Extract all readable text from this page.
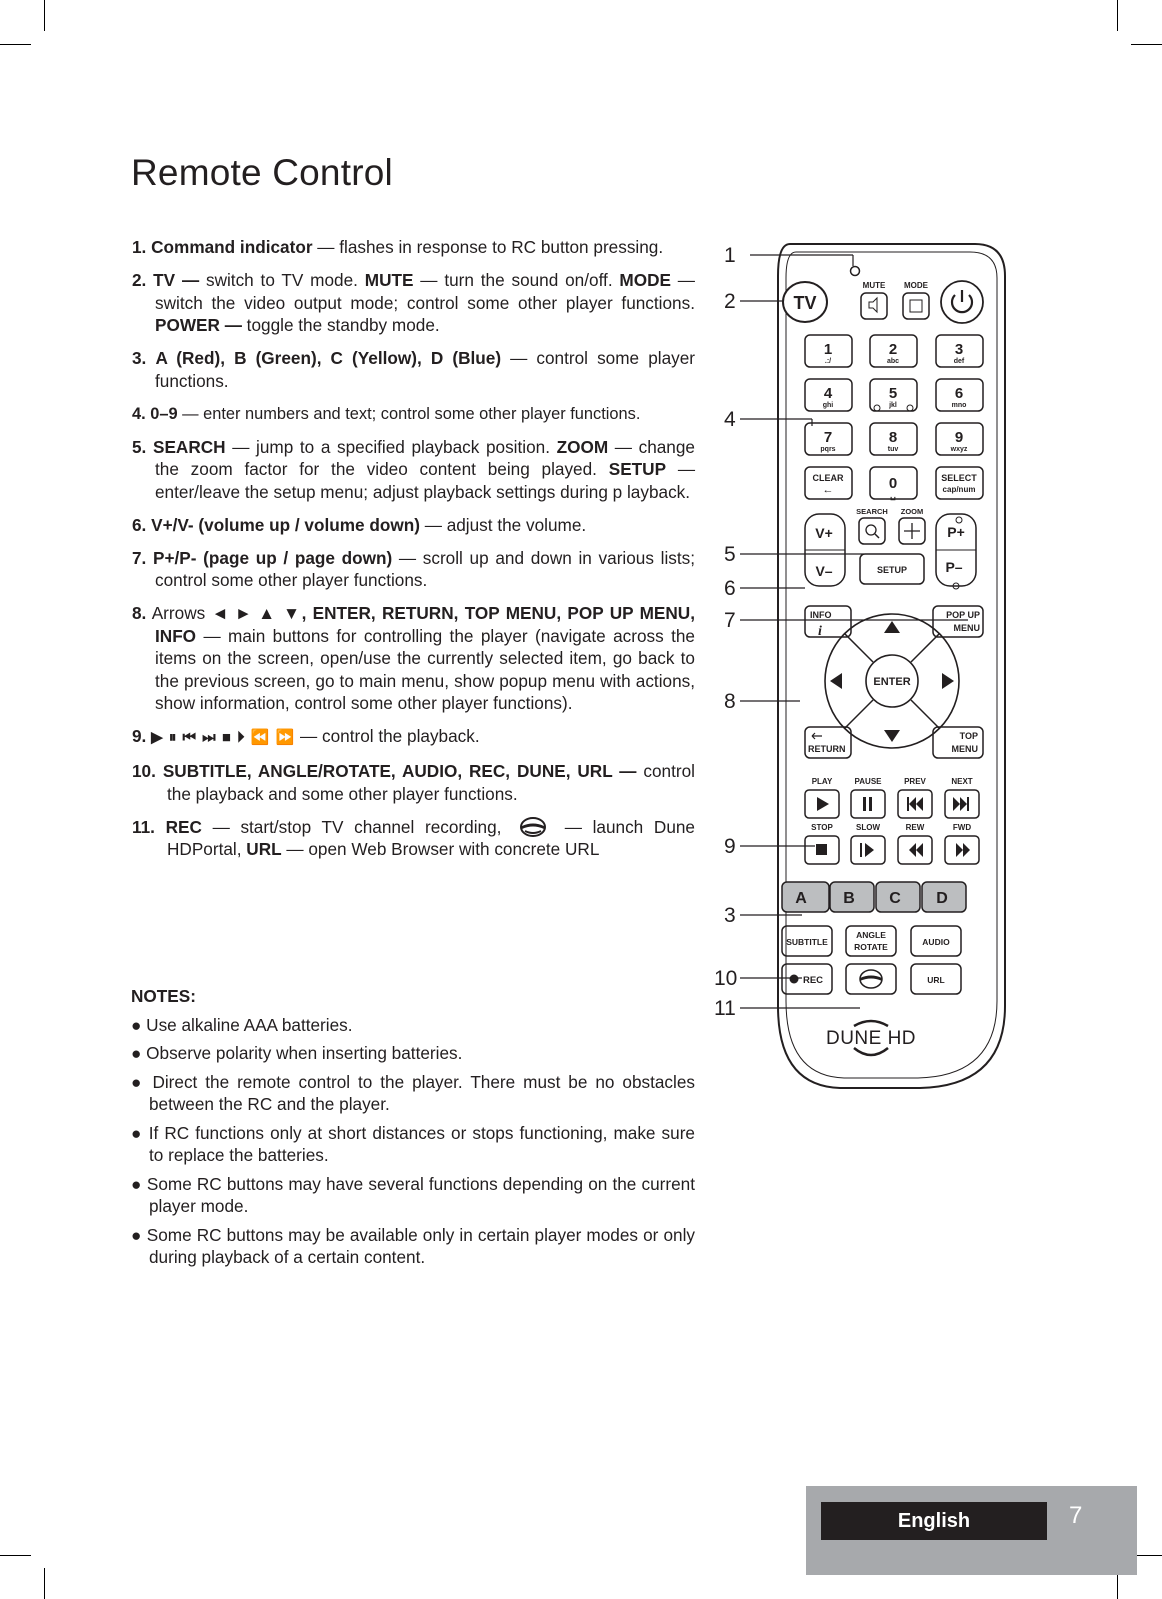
Remote Control

1. Command indicator — flashes in response to RC button pressing.

2. TV — switch to TV mode. MUTE — turn the sound on/off. MODE — switch the video output mode; control some other player functions. POWER — toggle the standby mode.

3. A (Red), B (Green), C (Yellow), D (Blue) — control some player functions.

4. 0–9 — enter numbers and text; control some other player functions.

5. SEARCH — jump to a specified playback position. ZOOM — change the zoom factor for the video content being played. SETUP — enter/leave the setup menu; adjust playback settings during p layback.

6. V+/V- (volume up / volume down) — adjust the volume.

7. P+/P- (page up / page down) — scroll up and down in various lists; control some other player functions.

8. Arrows ◄ ► ▲ ▼, ENTER, RETURN, TOP MENU, POP UP MENU, INFO — main buttons for controlling the player (navigate across the items on the screen, open/use the currently selected item, go back to the previous screen, go to main menu, show popup menu with actions, show information, control some other player functions).

9. ▶ ⏸ ⏮ ⏭ ■ ⏵ ⏪ ⏩ — control the playback.

10. SUBTITLE, ANGLE/ROTATE, AUDIO, REC, DUNE, URL — control the playback and some other player functions.

11. REC — start/stop TV channel recording,  — launch Dune HDPortal, URL — open Web Browser with concrete URL

NOTES:
● Use alkaline AAA batteries.
● Observe polarity when inserting batteries.
● Direct the remote control to the player. There must be no obstacles between the RC and the player.
● If RC functions only at short distances or stops functioning, make sure to replace the batteries.
● Some RC buttons may have several functions depending on the current player mode.
● Some RC buttons may be available only in certain player modes or only during playback of a certain content.
TV
MUTE MODE
1
.:/
2
abc
3
def
4
ghi
5
jkl
6
mno
7
pqrs
8
tuv
9
wxyz
CLEAR
←	0
␣
SELECT
cap/num
V+
V–
SEARCH ZOOM
SETUP
P+
P–
INFO
i
POP UP
MENU
ENTER
RETURN
TOP
MENU
PLAY	PAUSE	PREV	NEXT
STOP	SLOW	REW	FWD
A B C D
SUBTITLE
ANGLE
ROTATE	AUDIO
REC	URL
DUNE HD
1
2
4
5
6
7
8
9
3
10
11
English	7
